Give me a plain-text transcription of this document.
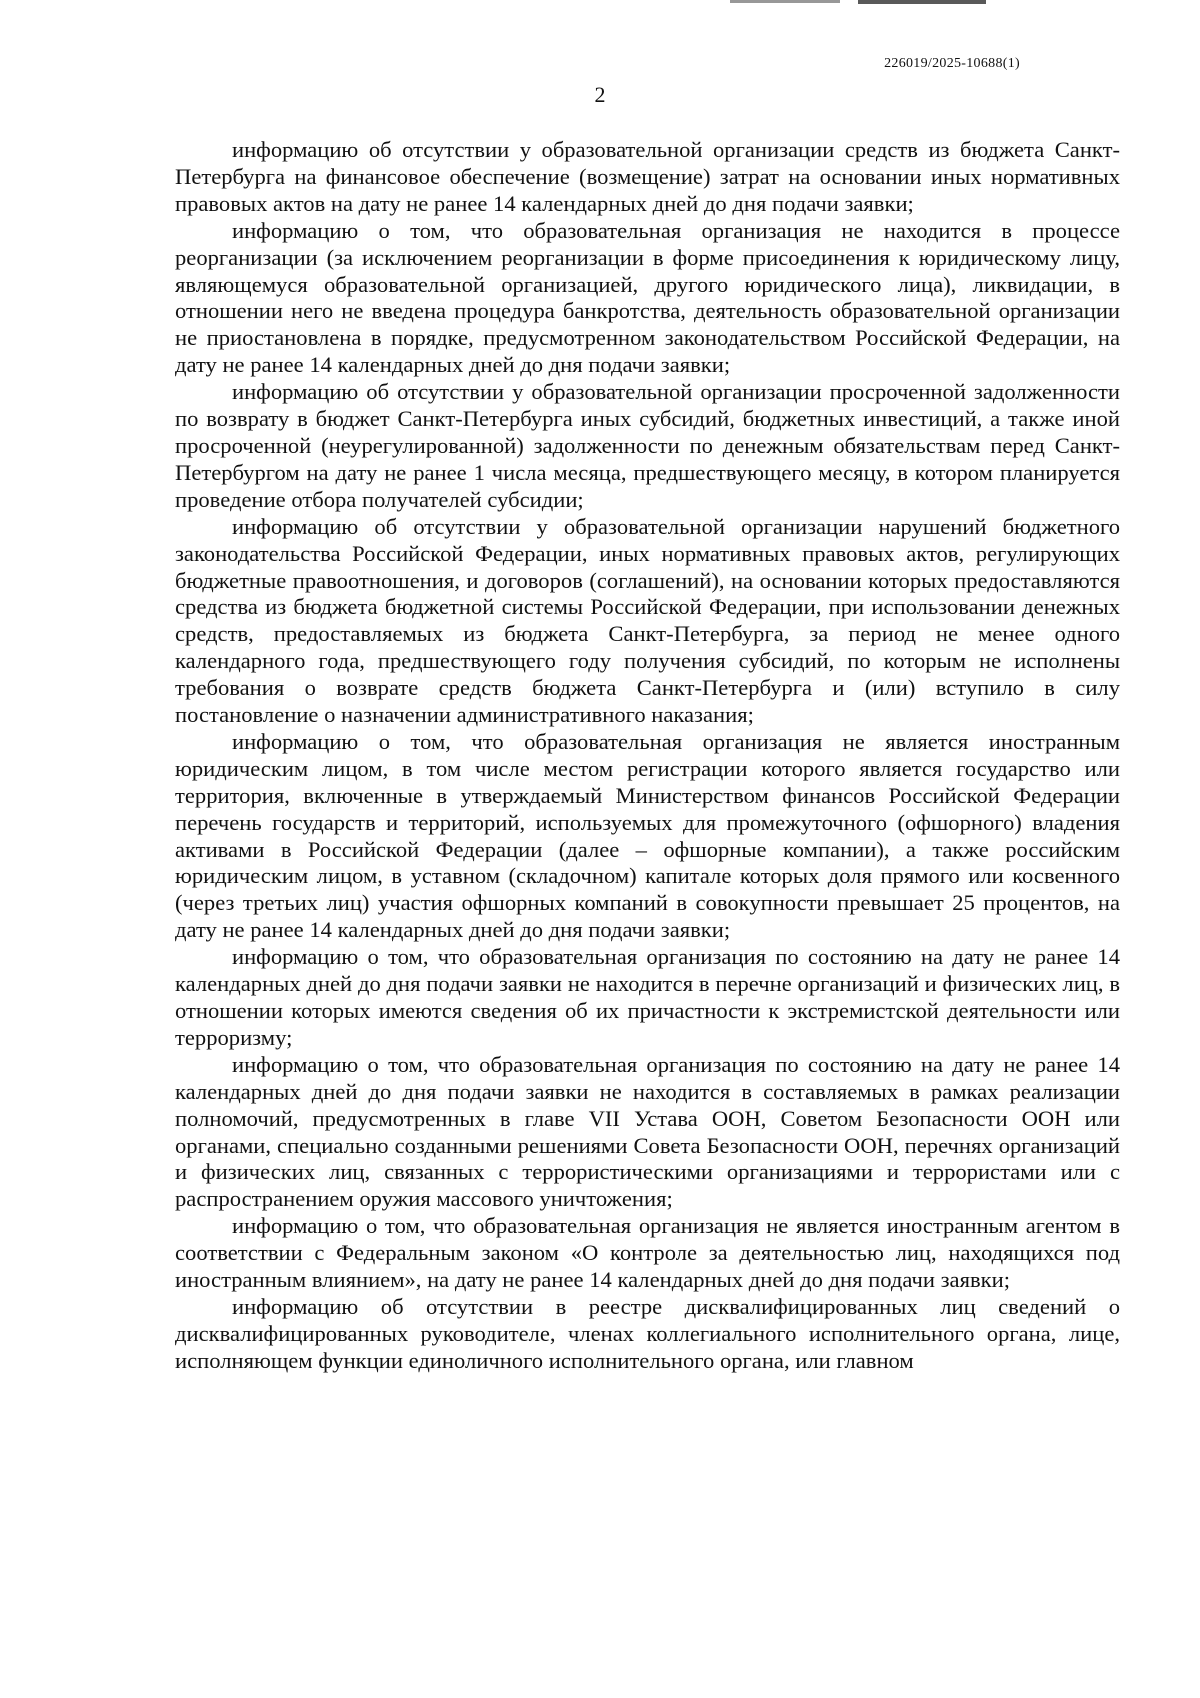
226019/2025-10688(1)
2

информацию об отсутствии у образовательной организации средств из бюджета Санкт-Петербурга на финансовое обеспечение (возмещение) затрат на основании иных нормативных правовых актов на дату не ранее 14 календарных дней до дня подачи заявки;

информацию о том, что образовательная организация не находится в процессе реорганизации (за исключением реорганизации в форме присоединения к юридическому лицу, являющемуся образовательной организацией, другого юридического лица), ликвидации, в отношении него не введена процедура банкротства, деятельность образовательной организации не приостановлена в порядке, предусмотренном законодательством Российской Федерации, на дату не ранее 14 календарных дней до дня подачи заявки;

информацию об отсутствии у образовательной организации просроченной задолженности по возврату в бюджет Санкт-Петербурга иных субсидий, бюджетных инвестиций, а также иной просроченной (неурегулированной) задолженности по денежным обязательствам перед Санкт-Петербургом на дату не ранее 1 числа месяца, предшествующего месяцу, в котором планируется проведение отбора получателей субсидии;

информацию об отсутствии у образовательной организации нарушений бюджетного законодательства Российской Федерации, иных нормативных правовых актов, регулирующих бюджетные правоотношения, и договоров (соглашений), на основании которых предоставляются средства из бюджета бюджетной системы Российской Федерации, при использовании денежных средств, предоставляемых из бюджета Санкт-Петербурга, за период не менее одного календарного года, предшествующего году получения субсидий, по которым не исполнены требования о возврате средств бюджета Санкт-Петербурга и (или) вступило в силу постановление о назначении административного наказания;

информацию о том, что образовательная организация не является иностранным юридическим лицом, в том числе местом регистрации которого является государство или территория, включенные в утверждаемый Министерством финансов Российской Федерации перечень государств и территорий, используемых для промежуточного (офшорного) владения активами в Российской Федерации (далее – офшорные компании), а также российским юридическим лицом, в уставном (складочном) капитале которых доля прямого или косвенного (через третьих лиц) участия офшорных компаний в совокупности превышает 25 процентов, на дату не ранее 14 календарных дней до дня подачи заявки;

информацию о том, что образовательная организация по состоянию на дату не ранее 14 календарных дней до дня подачи заявки не находится в перечне организаций и физических лиц, в отношении которых имеются сведения об их причастности к экстремистской деятельности или терроризму;

информацию о том, что образовательная организация по состоянию на дату не ранее 14 календарных дней до дня подачи заявки не находится в составляемых в рамках реализации полномочий, предусмотренных в главе VII Устава ООН, Советом Безопасности ООН или органами, специально созданными решениями Совета Безопасности ООН, перечнях организаций и физических лиц, связанных с террористическими организациями и террористами или с распространением оружия массового уничтожения;

информацию о том, что образовательная организация не является иностранным агентом в соответствии с Федеральным законом «О контроле за деятельностью лиц, находящихся под иностранным влиянием», на дату не ранее 14 календарных дней до дня подачи заявки;

информацию об отсутствии в реестре дисквалифицированных лиц сведений о дисквалифицированных руководителе, членах коллегиального исполнительного органа, лице, исполняющем функции единоличного исполнительного органа, или главном
